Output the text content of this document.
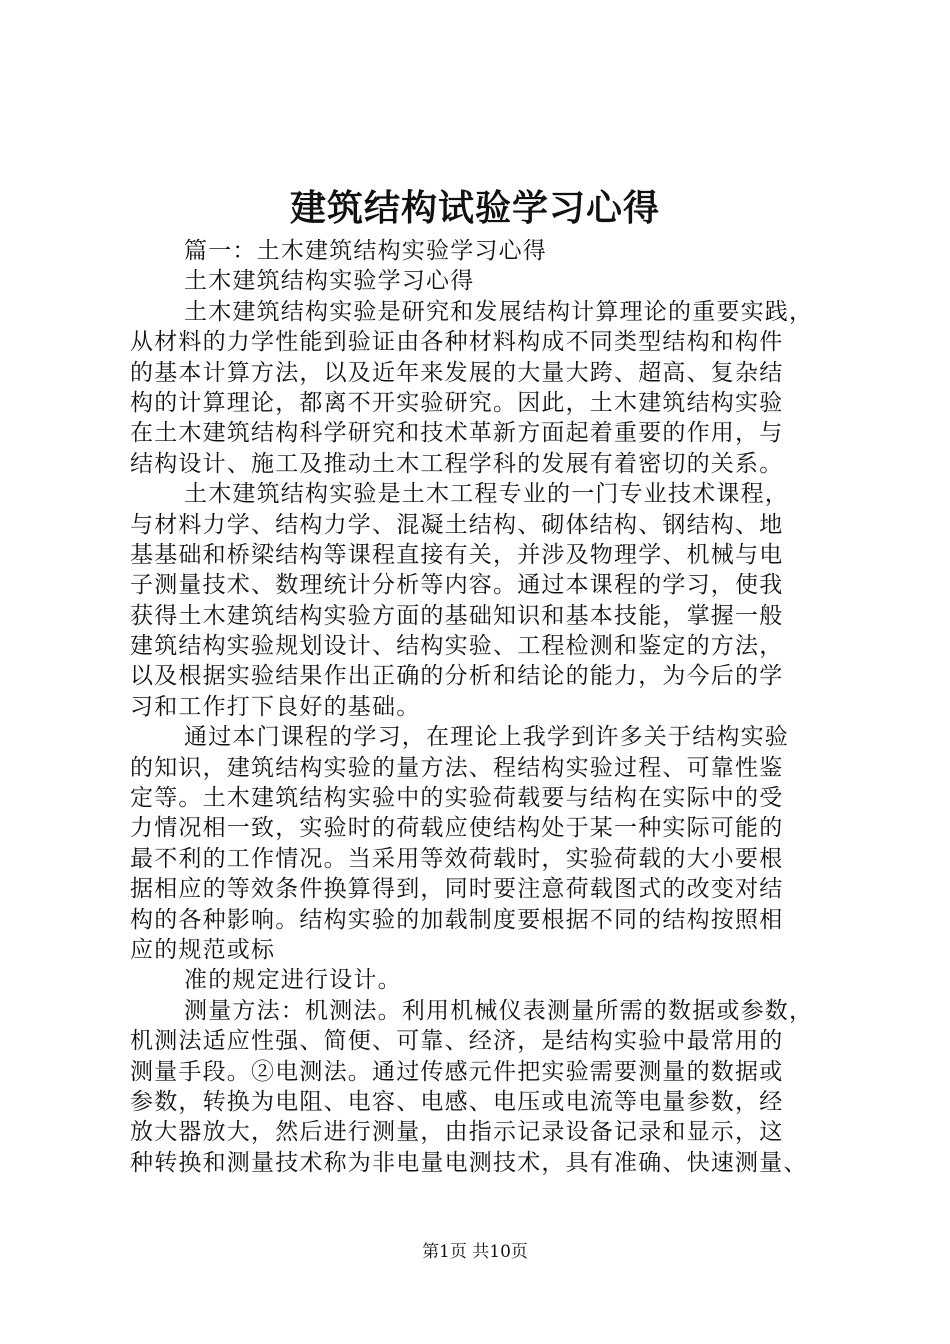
建筑结构试验学习心得
篇一：土木建筑结构实验学习心得
土木建筑结构实验学习心得
土木建筑结构实验是研究和发展结构计算理论的重要实践，
从材料的力学性能到验证由各种材料构成不同类型结构和构件
的基本计算方法，以及近年来发展的大量大跨、超高、复杂结
构的计算理论，都离不开实验研究。因此，土木建筑结构实验
在土木建筑结构科学研究和技术革新方面起着重要的作用，与
结构设计、施工及推动土木工程学科的发展有着密切的关系。
土木建筑结构实验是土木工程专业的一门专业技术课程，
与材料力学、结构力学、混凝土结构、砌体结构、钢结构、地
基基础和桥梁结构等课程直接有关，并涉及物理学、机械与电
子测量技术、数理统计分析等内容。通过本课程的学习，使我
获得土木建筑结构实验方面的基础知识和基本技能，掌握一般
建筑结构实验规划设计、结构实验、工程检测和鉴定的方法，
以及根据实验结果作出正确的分析和结论的能力，为今后的学
习和工作打下良好的基础。
通过本门课程的学习，在理论上我学到许多关于结构实验
的知识，建筑结构实验的量方法、程结构实验过程、可靠性鉴
定等。土木建筑结构实验中的实验荷载要与结构在实际中的受
力情况相一致，实验时的荷载应使结构处于某一种实际可能的
最不利的工作情况。当采用等效荷载时，实验荷载的大小要根
据相应的等效条件换算得到，同时要注意荷载图式的改变对结
构的各种影响。结构实验的加载制度要根据不同的结构按照相
应的规范或标
准的规定进行设计。
测量方法：机测法。利用机械仪表测量所需的数据或参数，
机测法适应性强、简便、可靠、经济，是结构实验中最常用的
测量手段。②电测法。通过传感元件把实验需要测量的数据或
参数，转换为电阻、电容、电感、电压或电流等电量参数，经
放大器放大，然后进行测量，由指示记录设备记录和显示，这
种转换和测量技术称为非电量电测技术，具有准确、快速测量、
第1页 共10页
